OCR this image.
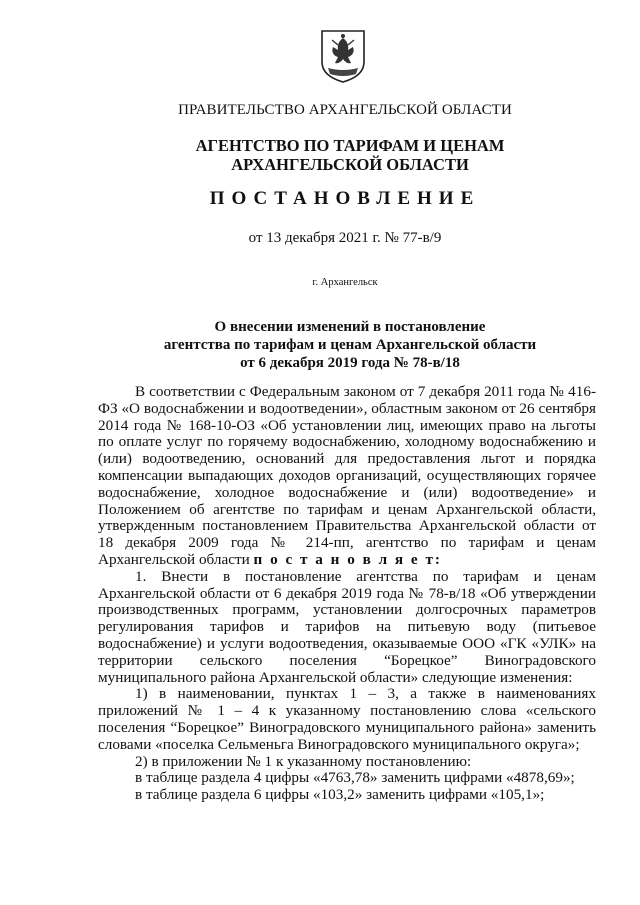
ПРАВИТЕЛЬСТВО АРХАНГЕЛЬСКОЙ ОБЛАСТИ
АГЕНТСТВО ПО ТАРИФАМ И ЦЕНАМ
АРХАНГЕЛЬСКОЙ ОБЛАСТИ
ПОСТАНОВЛЕНИЕ
от 13 декабря 2021 г. № 77-в/9
г. Архангельск
О внесении изменений в постановление
агентства по тарифам и ценам Архангельской области
от 6 декабря 2019 года № 78-в/18

В соответствии с Федеральным законом от 7 декабря 2011 года № 416-ФЗ «О водоснабжении и водоотведении», областным законом от 26 сентября 2014 года № 168-10-ОЗ «Об установлении лиц, имеющих право на льготы по оплате услуг по горячему водоснабжению, холодному водоснабжению и (или) водоотведению, оснований для предоставления льгот и порядка компенсации выпадающих доходов организаций, осуществляющих горячее водоснабжение, холодное водоснабжение и (или) водоотведение» и Положением об агентстве по тарифам и ценам Архангельской области, утвержденным постановлением Правительства Архангельской области от 18 декабря 2009 года № 214-пп, агентство по тарифам и ценам Архангельской области п о с т а н о в л я е т:

1. Внести в постановление агентства по тарифам и ценам Архангельской области от 6 декабря 2019 года № 78-в/18 «Об утверждении производственных программ, установлении долгосрочных параметров регулирования тарифов и тарифов на питьевую воду (питьевое водоснабжение) и услуги водоотведения, оказываемые ООО «ГК «УЛК» на территории сельского поселения “Борецкое” Виноградовского муниципального района Архангельской области» следующие изменения:

1) в наименовании, пунктах 1 – 3, а также в наименованиях приложений № 1 – 4 к указанному постановлению слова «сельского поселения “Борецкое” Виноградовского муниципального района» заменить словами «поселка Сельменьга Виноградовского муниципального округа»;

2) в приложении № 1 к указанному постановлению:

в таблице раздела 4 цифры «4763,78» заменить цифрами «4878,69»;

в таблице раздела 6 цифры «103,2» заменить цифрами «105,1»;
